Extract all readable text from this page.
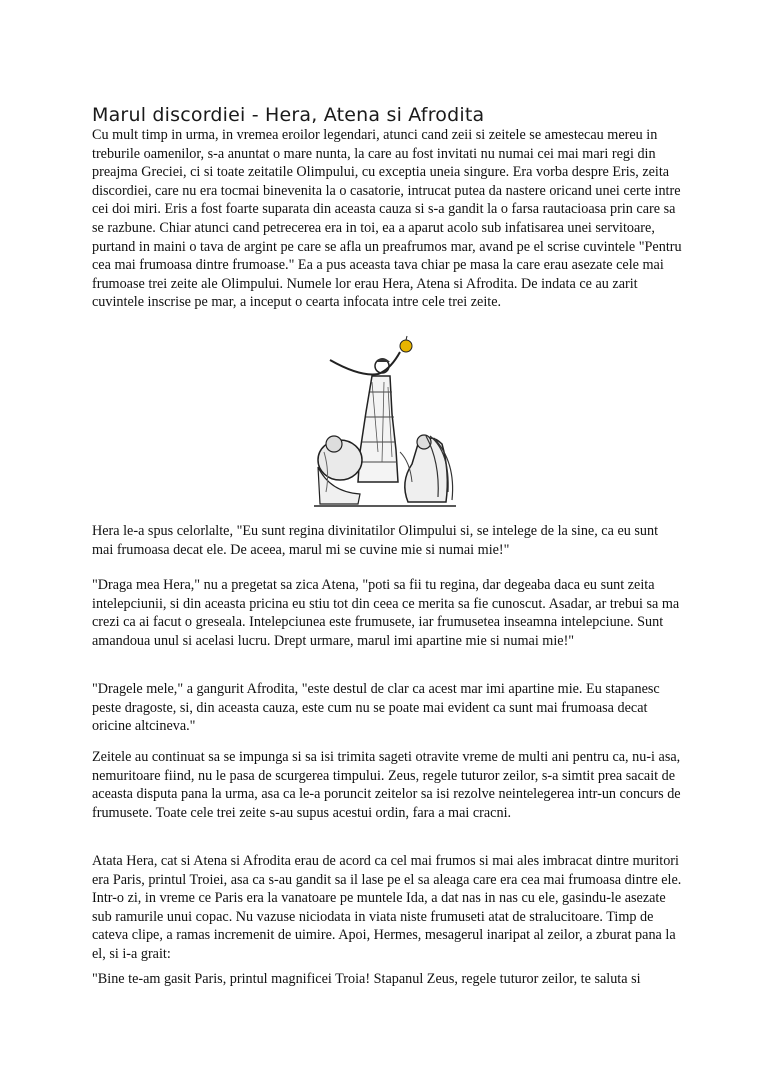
Marul discordiei - Hera, Atena si Afrodita

Cu mult timp in urma, in vremea eroilor legendari, atunci cand zeii si zeitele se amestecau mereu in treburile oamenilor, s-a anuntat o mare nunta, la care au fost invitati nu numai cei mai mari regi din preajma Greciei, ci si toate zeitatile Olimpului, cu exceptia uneia singure. Era vorba despre Eris, zeita discordiei, care nu era tocmai binevenita la o casatorie, intrucat putea da nastere oricand unei certe intre cei doi miri. Eris a fost foarte suparata din aceasta cauza si s-a gandit la o farsa rautacioasa prin care sa se razbune. Chiar atunci cand petrecerea era in toi, ea a aparut acolo sub infatisarea unei servitoare, purtand in maini o tava de argint pe care se afla un preafrumos mar, avand pe el scrise cuvintele "Pentru cea mai frumoasa dintre frumoase." Ea a pus aceasta tava chiar pe masa la care erau asezate cele mai frumoase trei zeite ale Olimpului. Numele lor erau Hera, Atena si Afrodita. De indata ce au zarit cuvintele inscrise pe mar, a inceput o cearta infocata intre cele trei zeite.

Hera le-a spus celorlalte, "Eu sunt regina divinitatilor Olimpului si, se intelege de la sine, ca eu sunt mai frumoasa decat ele. De aceea, marul mi se cuvine mie si numai mie!"

"Draga mea Hera," nu a pregetat sa zica Atena, "poti sa fii tu regina, dar degeaba daca eu sunt zeita intelepciunii, si din aceasta pricina eu stiu tot din ceea ce merita sa fie cunoscut. Asadar, ar trebui sa ma crezi ca ai facut o greseala. Intelepciunea este frumusete, iar frumusetea inseamna intelepciune. Sunt amandoua unul si acelasi lucru. Drept urmare, marul imi apartine mie si numai mie!"

"Dragele mele," a gangurit Afrodita, "este destul de clar ca acest mar imi apartine mie. Eu stapanesc peste dragoste, si, din aceasta cauza, este cum nu se poate mai evident ca sunt mai frumoasa decat oricine altcineva."

Zeitele au continuat sa se impunga si sa isi trimita sageti otravite vreme de multi ani pentru ca, nu-i asa, nemuritoare fiind, nu le pasa de scurgerea timpului. Zeus, regele tuturor zeilor, s-a simtit prea sacait de aceasta disputa pana la urma, asa ca le-a poruncit zeitelor sa isi rezolve neintelegerea intr-un concurs de frumusete. Toate cele trei zeite s-au supus acestui ordin, fara a mai cracni.

Atata Hera, cat si Atena si Afrodita erau de acord ca cel mai frumos si mai ales imbracat dintre muritori era Paris, printul Troiei, asa ca s-au gandit sa il lase pe el sa aleaga care era cea mai frumoasa dintre ele. Intr-o zi, in vreme ce Paris era la vanatoare pe muntele Ida, a dat nas in nas cu ele, gasindu-le asezate sub ramurile unui copac. Nu vazuse niciodata in viata niste frumuseti atat de stralucitoare. Timp de cateva clipe, a ramas incremenit de uimire. Apoi, Hermes, mesagerul inaripat al zeilor, a zburat pana la el, si i-a grait:

"Bine te-am gasit Paris, printul magnificei Troia! Stapanul Zeus, regele tuturor zeilor, te saluta si
